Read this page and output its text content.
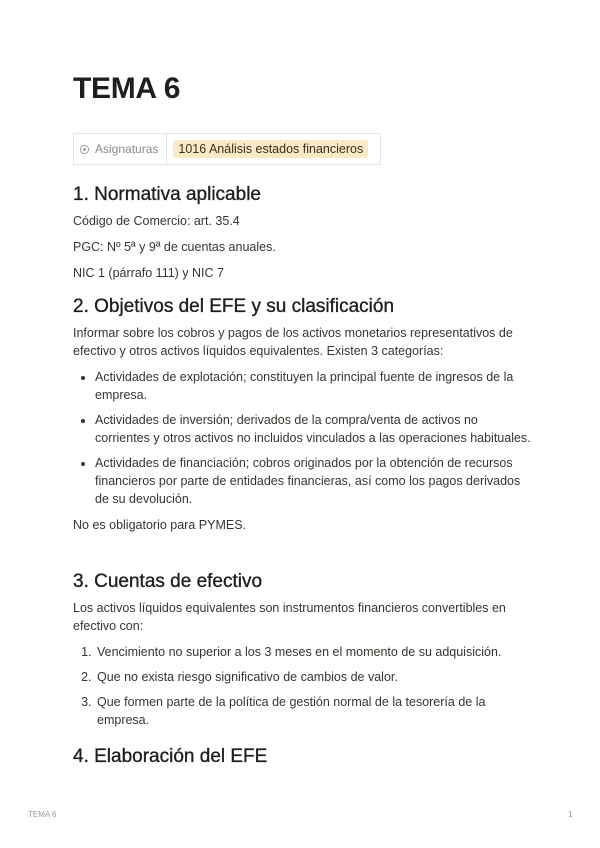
TEMA 6
Asignaturas	1016 Análisis estados financieros
1. Normativa aplicable

Código de Comercio: art. 35.4

PGC: Nº 5ª y 9ª de cuentas anuales.

NIC 1 (párrafo 111) y NIC 7

2. Objetivos del EFE y su clasificación

Informar sobre los cobros y pagos de los activos monetarios representativos de efectivo y otros activos líquidos equivalentes. Existen 3 categorías:

• Actividades de explotación; constituyen la principal fuente de ingresos de la empresa.
• Actividades de inversión; derivados de la compra/venta de activos no corrientes y otros activos no incluidos vinculados a las operaciones habituales.
• Actividades de financiación; cobros originados por la obtención de recursos financieros por parte de entidades financieras, así como los pagos derivados de su devolución.

No es obligatorio para PYMES.

3. Cuentas de efectivo

Los activos líquidos equivalentes son instrumentos financieros convertibles en efectivo con:

1. Vencimiento no superior a los 3 meses en el momento de su adquisición.
2. Que no exista riesgo significativo de cambios de valor.
3. Que formen parte de la política de gestión normal de la tesorería de la empresa.
4. Elaboración del EFE
TEMA 6	1
